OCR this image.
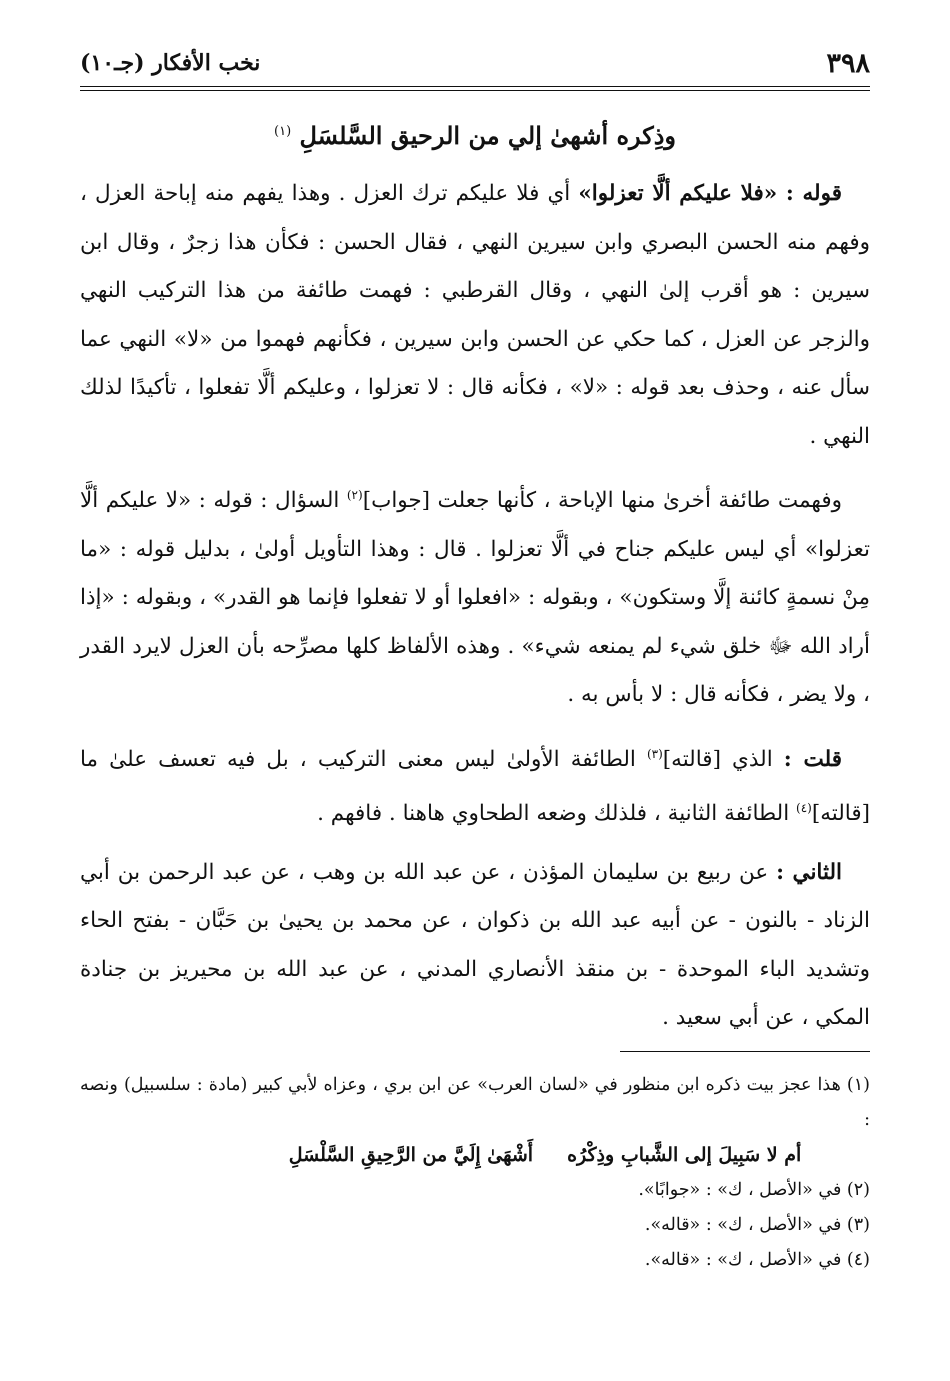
٣٩٨
نخب الأفكار (جـ١٠)
وذِكره أشهىٰ إلي من الرحيق السَّلسَلِ $^{(١)}$

قوله : «فلا عليكم ألَّا تعزلوا» أي فلا عليكم ترك العزل . وهذا يفهم منه إباحة العزل ، وفهم منه الحسن البصري وابن سيرين النهي ، فقال الحسن : فكأن هذا زجرٌ ، وقال ابن سيرين : هو أقرب إلىٰ النهي ، وقال القرطبي : فهمت طائفة من هذا التركيب النهي والزجر عن العزل ، كما حكي عن الحسن وابن سيرين ، فكأنهم فهموا من «لا» النهي عما سأل عنه ، وحذف بعد قوله : «لا» ، فكأنه قال : لا تعزلوا ، وعليكم ألَّا تفعلوا ، تأكيدًا لذلك النهي .

وفهمت طائفة أخرىٰ منها الإباحة ، كأنها جعلت [جواب]$^{(٢)}$ السؤال : قوله : «لا عليكم ألَّا تعزلوا» أي ليس عليكم جناح في ألَّا تعزلوا . قال : وهذا التأويل أولىٰ ، بدليل قوله : «ما مِنْ نسمةٍ كائنة إلَّا وستكون» ، وبقوله : «افعلوا أو لا تفعلوا فإنما هو القدر» ، وبقوله : «إذا أراد الله ﷻ خلق شيء لم يمنعه شيء» . وهذه الألفاظ كلها مصرِّحه بأن العزل لايرد القدر ، ولا يضر ، فكأنه قال : لا بأس به .

قلت : الذي [قالته]$^{(٣)}$ الطائفة الأولىٰ ليس معنى التركيب ، بل فيه تعسف علىٰ ما [قالته]$^{(٤)}$ الطائفة الثانية ، فلذلك وضعه الطحاوي هاهنا . فافهم .

الثاني : عن ربيع بن سليمان المؤذن ، عن عبد الله بن وهب ، عن عبد الرحمن بن أبي الزناد - بالنون - عن أبيه عبد الله بن ذكوان ، عن محمد بن يحيىٰ بن حَبَّان - بفتح الحاء وتشديد الباء الموحدة - بن منقذ الأنصاري المدني ، عن عبد الله بن محيريز بن جنادة المكي ، عن أبي سعيد .

(١) هذا عجز بيت ذكره ابن منظور في «لسان العرب» عن ابن بري ، وعزاه لأبي كبير (مادة : سلسبيل) ونصه :
أم لا سَبِيلَ إلى الشَّبابِ وذِكْرُه
أَشْهَىٰ إِلَيَّ من الرَّحِيقِ السَّلْسَلِ
(٢) في «الأصل ، ك» : «جوابًا».
(٣) في «الأصل ، ك» : «قاله».
(٤) في «الأصل ، ك» : «قاله».
